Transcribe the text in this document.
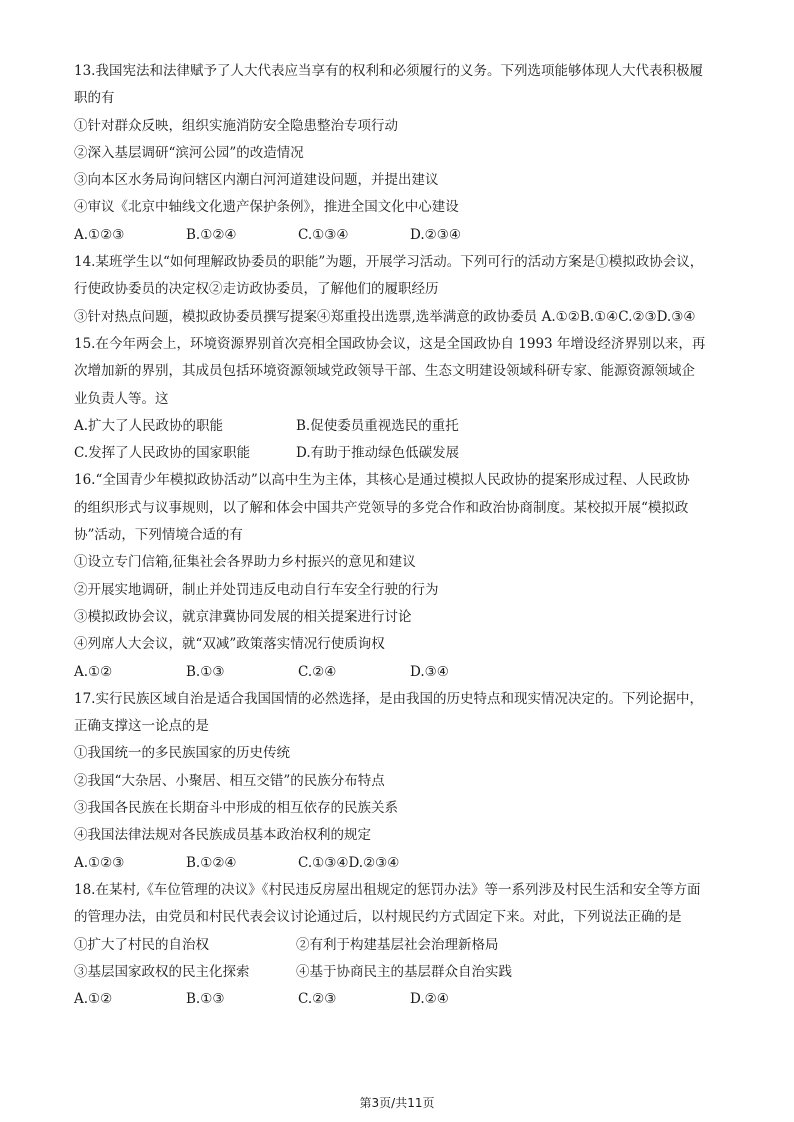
13.我国宪法和法律赋予了人大代表应当享有的权利和必须履行的义务。下列选项能够体现人大代表积极履
职的有
①针对群众反映，组织实施消防安全隐患整治专项行动
②深入基层调研“滨河公园”的改造情况
③向本区水务局询问辖区内潮白河河道建设问题，并提出建议
④审议《北京中轴线文化遗产保护条例》，推进全国文化中心建设
A.①②③	B.①②④	C.①③④	D.②③④
14.某班学生以“如何理解政协委员的职能”为题，开展学习活动。下列可行的活动方案是①模拟政协会议，
行使政协委员的决定权②走访政协委员，了解他们的履职经历
③针对热点问题，模拟政协委员撰写提案④郑重投出选票,选举满意的政协委员 A.①②B.①④C.②③D.③④
15.在今年两会上，环境资源界别首次亮相全国政协会议，这是全国政协自 1993 年增设经济界别以来，再
次增加新的界别，其成员包括环境资源领域党政领导干部、生态文明建设领域科研专家、能源资源领域企
业负责人等。这
A.扩大了人民政协的职能	B.促使委员重视选民的重托
C.发挥了人民政协的国家职能	D.有助于推动绿色低碳发展
16.“全国青少年模拟政协活动”以高中生为主体，其核心是通过模拟人民政协的提案形成过程、人民政协
的组织形式与议事规则，以了解和体会中国共产党领导的多党合作和政治协商制度。某校拟开展“模拟政
协”活动，下列情境合适的有
①设立专门信箱,征集社会各界助力乡村振兴的意见和建议
②开展实地调研，制止并处罚违反电动自行车安全行驶的行为
③模拟政协会议，就京津冀协同发展的相关提案进行讨论
④列席人大会议，就“双减”政策落实情况行使质询权
A.①②	B.①③	C.②④	D.③④
17.实行民族区域自治是适合我国国情的必然选择，是由我国的历史特点和现实情况决定的。下列论据中，
正确支撑这一论点的是
①我国统一的多民族国家的历史传统
②我国“大杂居、小聚居、相互交错”的民族分布特点
③我国各民族在长期奋斗中形成的相互依存的民族关系
④我国法律法规对各民族成员基本政治权利的规定
A.①②③	B.①②④	C.①③④D.②③④
18.在某村,《车位管理的决议》《村民违反房屋出租规定的惩罚办法》等一系列涉及村民生活和安全等方面
的管理办法，由党员和村民代表会议讨论通过后，以村规民约方式固定下来。对此，下列说法正确的是
①扩大了村民的自治权	②有利于构建基层社会治理新格局
③基层国家政权的民主化探索	④基于协商民主的基层群众自治实践
A.①②	B.①③	C.②③	D.②④
第3页/共11页
